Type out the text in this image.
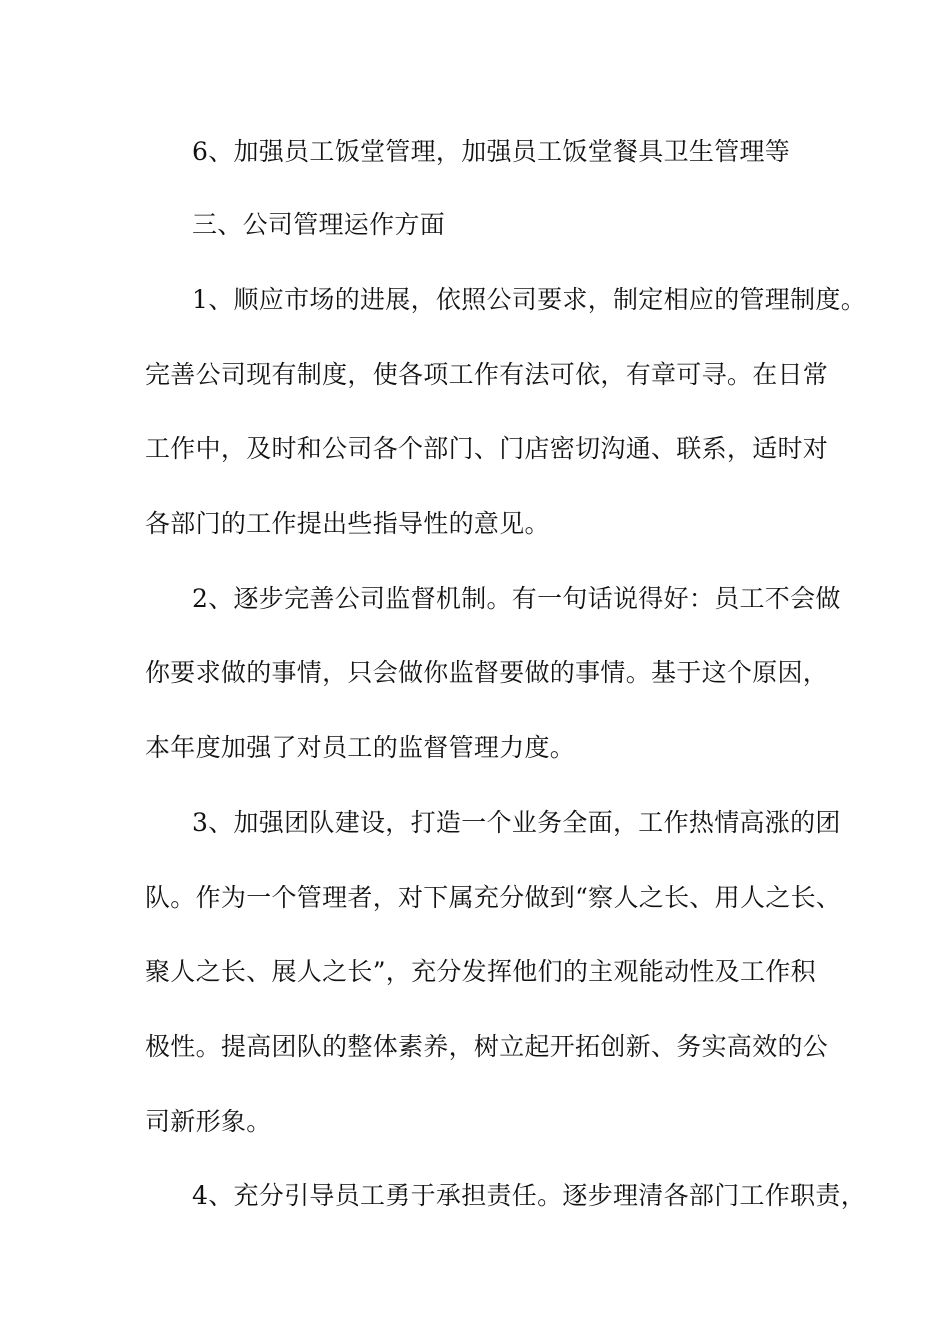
6、加强员工饭堂管理，加强员工饭堂餐具卫生管理等
三、公司管理运作方面
1、顺应市场的进展，依照公司要求，制定相应的管理制度。
完善公司现有制度，使各项工作有法可依，有章可寻。在日常
工作中，及时和公司各个部门、门店密切沟通、联系，适时对
各部门的工作提出些指导性的意见。
2、逐步完善公司监督机制。有一句话说得好：员工不会做
你要求做的事情，只会做你监督要做的事情。基于这个原因，
本年度加强了对员工的监督管理力度。
3、加强团队建设，打造一个业务全面，工作热情高涨的团
队。作为一个管理者，对下属充分做到“察人之长、用人之长、
聚人之长、展人之长”，充分发挥他们的主观能动性及工作积
极性。提高团队的整体素养，树立起开拓创新、务实高效的公
司新形象。
4、充分引导员工勇于承担责任。逐步理清各部门工作职责，
